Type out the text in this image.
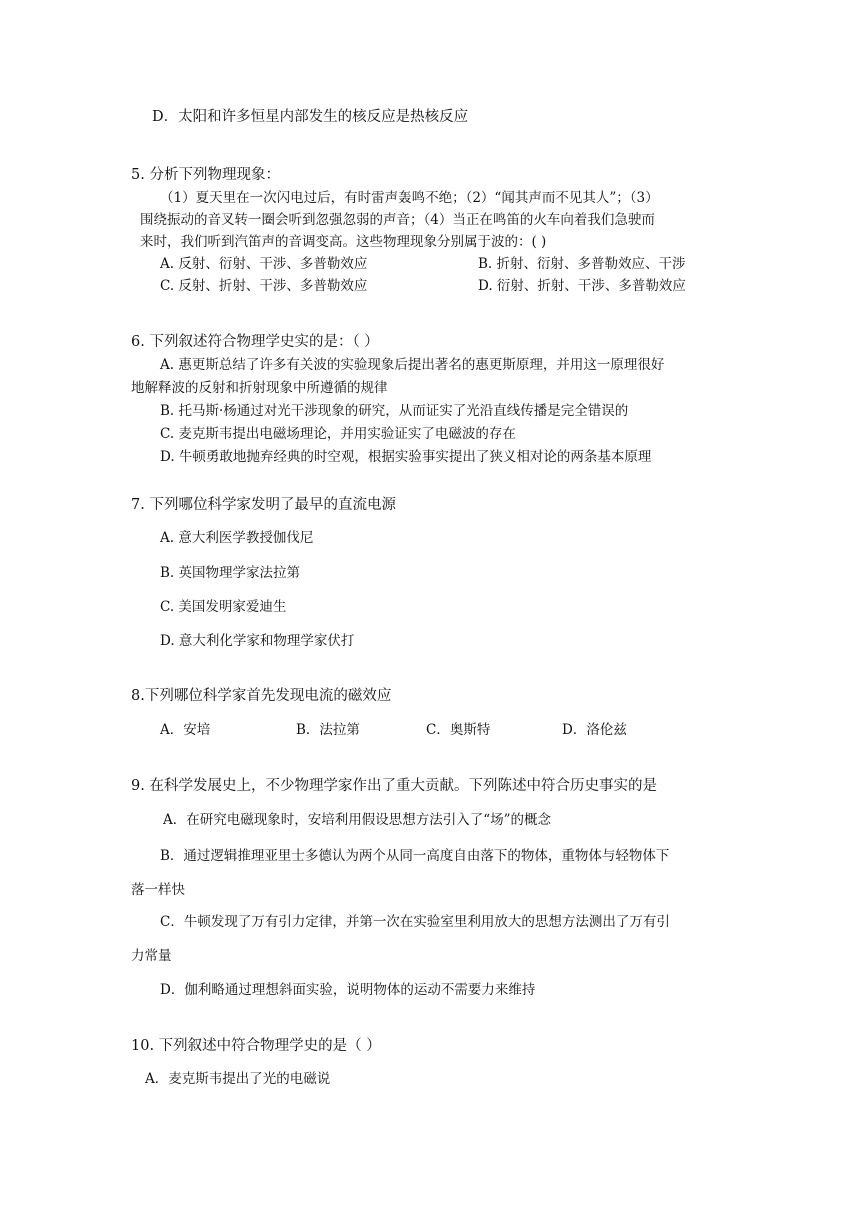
D．太阳和许多恒星内部发生的核反应是热核反应
5. 分析下列物理现象：
（1）夏天里在一次闪电过后，有时雷声轰鸣不绝；（2）“闻其声而不见其人”；（3）
围绕振动的音叉转一圈会听到忽强忽弱的声音；（4）当正在鸣笛的火车向着我们急驶而
来时，我们听到汽笛声的音调变高。这些物理现象分别属于波的：( )
A. 反射、衍射、干涉、多普勒效应	B. 折射、衍射、多普勒效应、干涉
C. 反射、折射、干涉、多普勒效应	D. 衍射、折射、干涉、多普勒效应
6. 下列叙述符合物理学史实的是：（ ）
A. 惠更斯总结了许多有关波的实验现象后提出著名的惠更斯原理，并用这一原理很好
地解释波的反射和折射现象中所遵循的规律
B. 托马斯·杨通过对光干涉现象的研究，从而证实了光沿直线传播是完全错误的
C. 麦克斯韦提出电磁场理论，并用实验证实了电磁波的存在
D. 牛顿勇敢地抛弃经典的时空观，根据实验事实提出了狭义相对论的两条基本原理
7. 下列哪位科学家发明了最早的直流电源
A. 意大利医学教授伽伐尼
B. 英国物理学家法拉第
C. 美国发明家爱迪生
D. 意大利化学家和物理学家伏打
8.下列哪位科学家首先发现电流的磁效应
A．安培	B．法拉第	C．奥斯特	D．洛伦兹
9. 在科学发展史上，不少物理学家作出了重大贡献。下列陈述中符合历史事实的是
A．在研究电磁现象时，安培利用假设思想方法引入了“场”的概念
B．通过逻辑推理亚里士多德认为两个从同一高度自由落下的物体，重物体与轻物体下
落一样快
C．牛顿发现了万有引力定律，并第一次在实验室里利用放大的思想方法测出了万有引
力常量
D．伽利略通过理想斜面实验，说明物体的运动不需要力来维持
10. 下列叙述中符合物理学史的是（ ）
A．麦克斯韦提出了光的电磁说
